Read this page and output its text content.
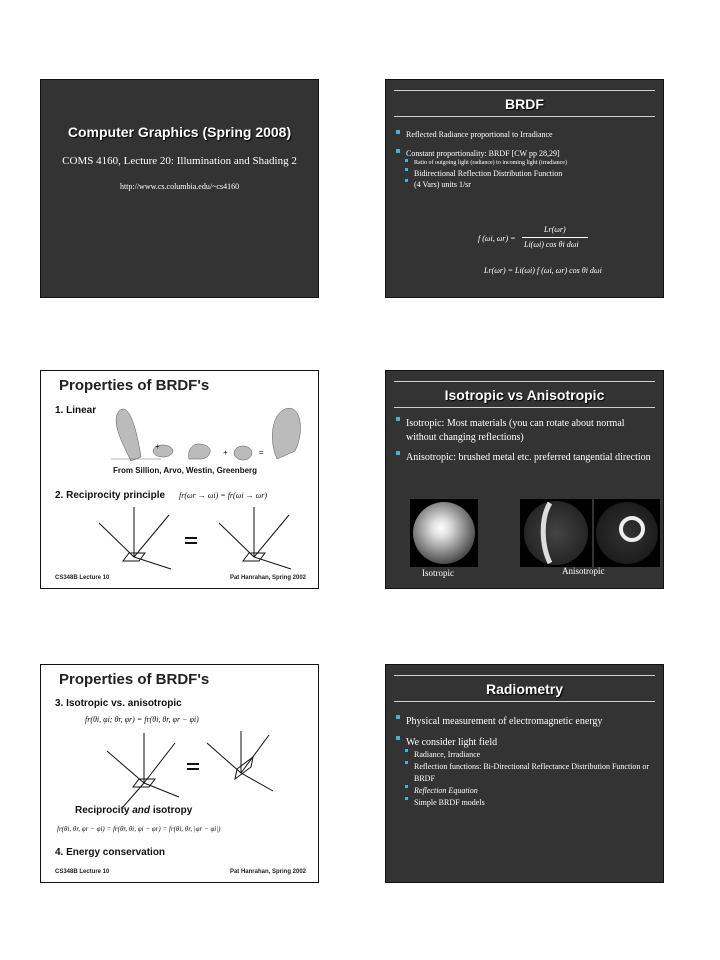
Computer Graphics (Spring 2008)
COMS 4160, Lecture 20: Illumination and Shading 2
http://www.cs.columbia.edu/~cs4160
BRDF
Reflected Radiance proportional to Irradiance
Constant proportionality: BRDF [CW pp 28,29]
Ratio of outgoing light (radiance) to incoming light (irradiance)
Bidirectional Reflection Distribution Function
(4 Vars) units 1/sr
f (ωi, ωr) =
Lr(ωr)
Li(ωi) cos θi dωi
Lr(ωr) = Li(ωi) f (ωi, ωr) cos θi dωi
Properties of BRDF's
1. Linear
+
+	=
From Sillion, Arvo, Westin, Greenberg
2. Reciprocity principle fr(ωr → ωi) = fr(ωi → ωr)
CS348B Lecture 10	Pat Hanrahan, Spring 2002
Isotropic vs Anisotropic
Isotropic: Most materials (you can rotate about normal without changing reflections)
Anisotropic: brushed metal etc. preferred tangential direction
Isotropic	Anisotropic
Properties of BRDF's
3. Isotropic vs. anisotropic
fr(θi, φi; θr, φr) = fr(θi, θr, φr − φi)
Reciprocity and isotropy
fr(θi, θr, φr − φi) = fr(θr, θi, φi − φr) = fr(θi, θr, |φr − φi|)
4. Energy conservation
CS348B Lecture 10	Pat Hanrahan, Spring 2002
Radiometry
Physical measurement of electromagnetic energy
We consider light field
Radiance, Irradiance
Reflection functions: Bi-Directional Reflectance Distribution Function or BRDF
Reflection Equation
Simple BRDF models
